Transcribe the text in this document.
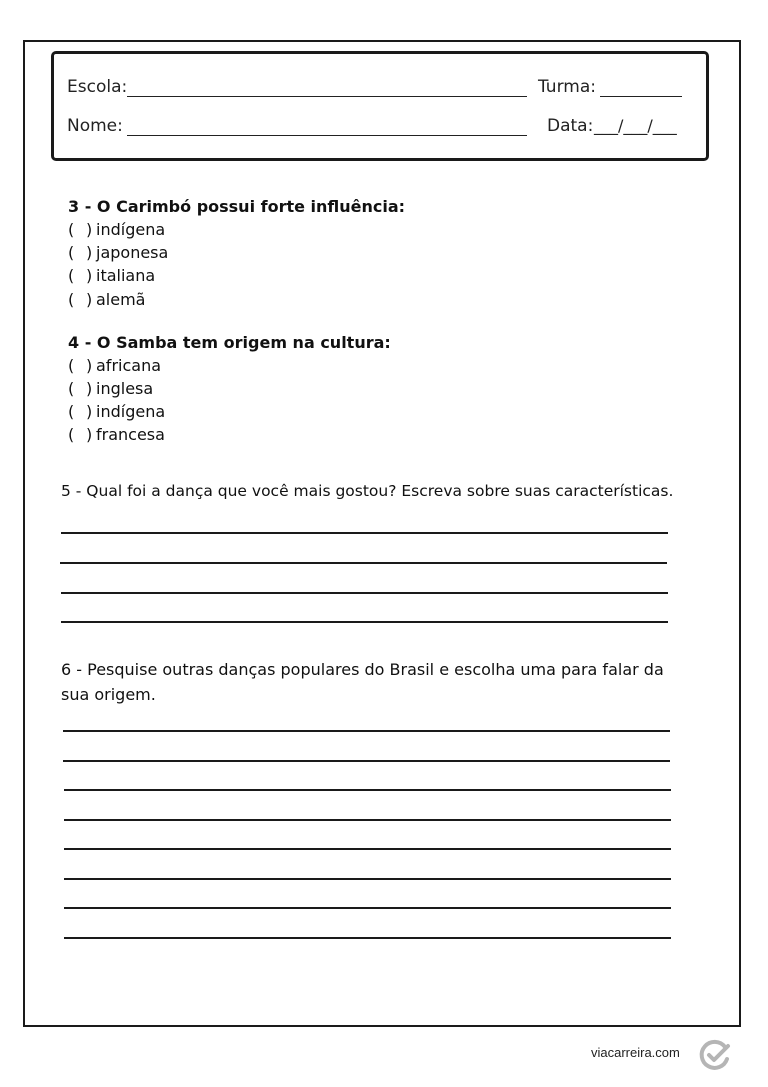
Escola:	Turma:
Nome:	Data: ___/___/___
3 - O Carimbó possui forte influência:
( ) indígena
( ) japonesa
( ) italiana
( ) alemã
4 - O Samba tem origem na cultura:
( ) africana
( ) inglesa
( ) indígena
( ) francesa
5 - Qual foi a dança que você mais gostou? Escreva sobre suas características.
6 - Pesquise outras danças populares do Brasil e escolha uma para falar da
sua origem.
viacarreira.com
